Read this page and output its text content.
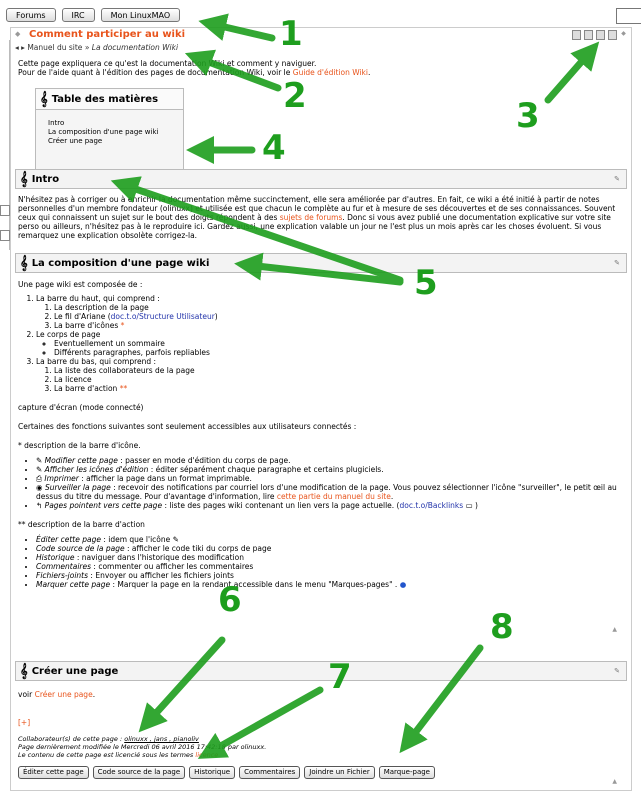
Forums	IRC	Mon LinuxMAO
◆ Comment participer au wiki	◆
◂ ▸ Manuel du site » La documentation Wiki
Cette page expliquera ce qu'est la documentation Wiki et comment y naviguer.
Pour de l'aide quant à l'édition des pages de documentation Wiki, voir le Guide d'édition Wiki.
𝄞 Table des matières
Intro
La composition d'une page wiki
Créer une page
𝄞 Intro	✎
N'hésitez pas à corriger ou à enrichir la documentation même succinctement, elle sera améliorée par d'autres. En fait, ce wiki a été initié à partir de notes personnelles d'un membre fondateur (olinuxx) et utilisée est que chacun le complète au fur et à mesure de ses découvertes et de ses connaissances. Souvent ceux qui connaissent un sujet sur le bout des doigts répondent à des sujets de forums. Donc si vous avez publié une documentation explicative sur votre site perso ou ailleurs, n'hésitez pas à le reproduire ici. Gardez aussi, une explication valable un jour ne l'est plus un mois après car les choses évoluent. Si vous remarquez une explication obsolète corrigez-la.
𝄞 La composition d'une page wiki	✎
Une page wiki est composée de :
1. La barre du haut, qui comprend :
1. La description de la page
2. Le fil d'Ariane (doc.t.o/Structure Utilisateur)
3. La barre d'icônes *
2. Le corps de page
◦ Eventuellement un sommaire
◦ Différents paragraphes, parfois repliables
3. La barre du bas, qui comprend :
1. La liste des collaborateurs de la page
2. La licence
3. La barre d'action **
capture d'écran (mode connecté)
Certaines des fonctions suivantes sont seulement accessibles aux utilisateurs connectés :
* description de la barre d'icône.
• ✎ Modifier cette page : passer en mode d'édition du corps de page.
• ✎ Afficher les icônes d'édition : éditer séparément chaque paragraphe et certains plugiciels.
• ⎙ Imprimer : afficher la page dans un format imprimable.
• ◉ Surveiller la page : recevoir des notifications par courriel lors d'une modification de la page. Vous pouvez sélectionner l'icône "surveiller", le petit œil au dessus du titre du message. Pour d'avantage d'information, lire cette partie du manuel du site.
• ↰ Pages pointent vers cette page : liste des pages wiki contenant un lien vers la page actuelle. (doc.t.o/Backlinks ▭ )
** description de la barre d'action
• Éditer cette page : idem que l'icône ✎
• Code source de la page : afficher le code tiki du corps de page
• Historique : naviguer dans l'historique des modification
• Commentaires : commenter ou afficher les commentaires
• Fichiers-joints : Envoyer ou afficher les fichiers joints
• Marquer cette page : Marquer la page en la rendant accessible dans le menu "Marques-pages" . ●
▲
𝄞 Créer une page	✎
voir Créer une page.
[+]
Collaborateur(s) de cette page : olinuxx , jans , pianoliv
Page dernièrement modifiée le Mercredi 06 avril 2016 17:42:18 par olinuxx.
Le contenu de cette page est licencié sous les termes licence.
Éditer cette page	Code source de la page	Historique	Commentaires	Joindre un Fichier	Marque-page
▲
1
2	3
4
5
6
7
8
